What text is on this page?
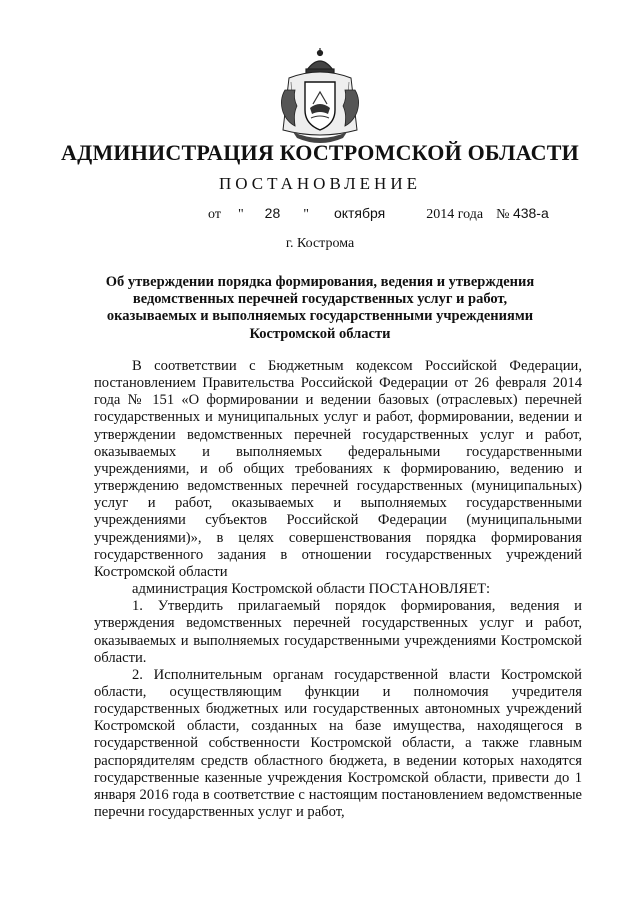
АДМИНИСТРАЦИЯ КОСТРОМСКОЙ ОБЛАСТИ
ПОСТАНОВЛЕНИЕ
от " 28 " октября	2014 года № 438-а
г. Кострома
Об утверждении порядка формирования, ведения и утверждения
ведомственных перечней государственных услуг и работ,
оказываемых и выполняемых государственными учреждениями
Костромской области

В соответствии с Бюджетным кодексом Российской Федерации, постановлением Правительства Российской Федерации от 26 февраля 2014 года № 151 «О формировании и ведении базовых (отраслевых) перечней государственных и муниципальных услуг и работ, формировании, ведении и утверждении ведомственных перечней государственных услуг и работ, оказываемых и выполняемых федеральными государственными учреждениями, и об общих требованиях к формированию, ведению и утверждению ведомственных перечней государственных (муниципальных) услуг и работ, оказываемых и выполняемых государственными учреждениями субъектов Российской Федерации (муниципальными учреждениями)», в целях совершенствования порядка формирования государственного задания в отношении государственных учреждений Костромской области

администрация Костромской области ПОСТАНОВЛЯЕТ:

1. Утвердить прилагаемый порядок формирования, ведения и утверждения ведомственных перечней государственных услуг и работ, оказываемых и выполняемых государственными учреждениями Костромской области.

2. Исполнительным органам государственной власти Костромской области, осуществляющим функции и полномочия учредителя государственных бюджетных или государственных автономных учреждений Костромской области, созданных на базе имущества, находящегося в государственной собственности Костромской области, а также главным распорядителям средств областного бюджета, в ведении которых находятся государственные казенные учреждения Костромской области, привести до 1 января 2016 года в соответствие с настоящим постановлением ведомственные перечни государственных услуг и работ,
